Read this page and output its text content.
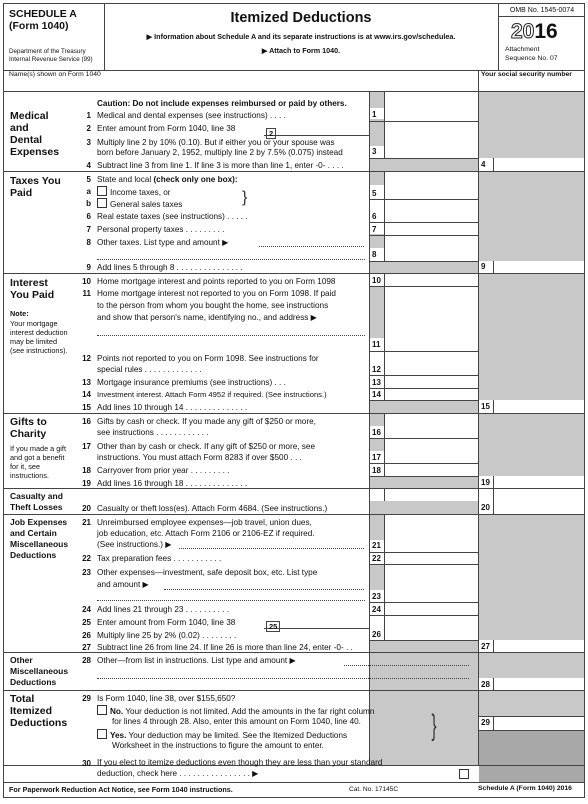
SCHEDULE A
(Form 1040)
Department of the Treasury
Internal Revenue Service (99)
Itemized Deductions
▶ Information about Schedule A and its separate instructions is at www.irs.gov/schedulea.
▶ Attach to Form 1040.
OMB No. 1545-0074
2016
Attachment
Sequence No. 07
Name(s) shown on Form 1040	Your social security number
Medical
and
Dental
Expenses
Taxes You
Paid
Interest
You Paid
Note:
Your mortgage interest deduction may be limited (see instructions).
Gifts to
Charity
If you made a gift and got a benefit for it, see instructions.
Casualty and
Theft Losses
Job Expenses
and Certain
Miscellaneous
Deductions
Other
Miscellaneous
Deductions
Total
Itemized
Deductions
Caution: Do not include expenses reimbursed or paid by others.
1 Medical and dental expenses (see instructions) . . . .	1
2 Enter amount from Form 1040, line 38
2
3 Multiply line 2 by 10% (0.10). But if either you or your spouse was
born before January 2, 1952, multiply line 2 by 7.5% (0.075) instead	3
4 Subtract line 3 from line 1. If line 3 is more than line 1, enter -0- . . . .	4
5 State and local (check only one box):
a	Income taxes, or
b	General sales taxes	}	5
6 Real estate taxes (see instructions) . . . . .	6
7 Personal property taxes . . . . . . . . .	7
8 Other taxes. List type and amount ▶
8
9 Add lines 5 through 8 . . . . . . . . . . . . . . .	9
10 Home mortgage interest and points reported to you on Form 1098	10
11 Home mortgage interest not reported to you on Form 1098. If paid
to the person from whom you bought the home, see instructions
and show that person's name, identifying no., and address ▶
11
12 Points not reported to you on Form 1098. See instructions for
special rules . . . . . . . . . . . . .	12
13 Mortgage insurance premiums (see instructions) . . .	13
14 Investment interest. Attach Form 4952 if required. (See instructions.)	14
15 Add lines 10 through 14 . . . . . . . . . . . . . .	15
16 Gifts by cash or check. If you made any gift of $250 or more,
see instructions . . . . . . . . . . . .	16
17 Other than by cash or check. If any gift of $250 or more, see
instructions. You must attach Form 8283 if over $500 . . .	17
18 Carryover from prior year . . . . . . . . .	18
19 Add lines 16 through 18 . . . . . . . . . . . . . .	19
20 Casualty or theft loss(es). Attach Form 4684. (See instructions.)	20
21 Unreimbursed employee expenses—job travel, union dues,
job education, etc. Attach Form 2106 or 2106-EZ if required.
(See instructions.) ▶	21
22 Tax preparation fees . . . . . . . . . . .	22
23 Other expenses—investment, safe deposit box, etc. List type
and amount ▶
23
24 Add lines 21 through 23 . . . . . . . . . .	24
25 Enter amount from Form 1040, line 38	25
26 Multiply line 25 by 2% (0.02) . . . . . . . .	26
27 Subtract line 26 from line 24. If line 26 is more than line 24, enter -0- . .	27
28 Other—from list in instructions. List type and amount ▶
28
29 Is Form 1040, line 38, over $155,650?
No. Your deduction is not limited. Add the amounts in the far right column
for lines 4 through 28. Also, enter this amount on Form 1040, line 40.
Yes. Your deduction may be limited. See the Itemized Deductions
Worksheet in the instructions to figure the amount to enter.
}	29
30 If you elect to itemize deductions even though they are less than your standard
deduction, check here . . . . . . . . . . . . . . . . ▶
For Paperwork Reduction Act Notice, see Form 1040 instructions.	Cat. No. 17145C	Schedule A (Form 1040) 2016
